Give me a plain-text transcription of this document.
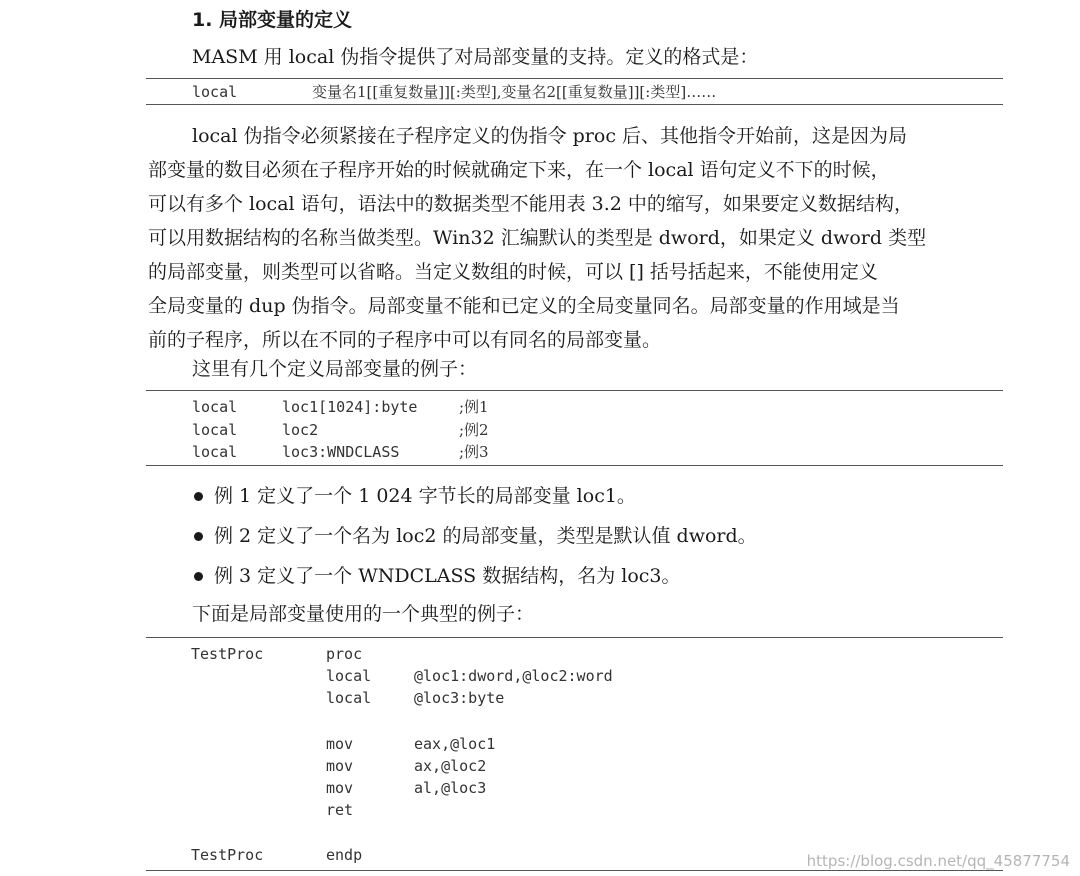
1. 局部变量的定义
MASM 用 local 伪指令提供了对局部变量的支持。定义的格式是：
local	变量名1[[重复数量]][:类型],变量名2[[重复数量]][:类型]……
local 伪指令必须紧接在子程序定义的伪指令 proc 后、其他指令开始前，这是因为局
部变量的数目必须在子程序开始的时候就确定下来，在一个 local 语句定义不下的时候，
可以有多个 local 语句，语法中的数据类型不能用表 3.2 中的缩写，如果要定义数据结构，
可以用数据结构的名称当做类型。Win32 汇编默认的类型是 dword，如果定义 dword 类型
的局部变量，则类型可以省略。当定义数组的时候，可以 [] 括号括起来，不能使用定义
全局变量的 dup 伪指令。局部变量不能和已定义的全局变量同名。局部变量的作用域是当
前的子程序，所以在不同的子程序中可以有同名的局部变量。
这里有几个定义局部变量的例子：
local	loc1[1024]:byte	;例1
local	loc2	;例2
local	loc3:WNDCLASS	;例3
例 1 定义了一个 1 024 字节长的局部变量 loc1。
例 2 定义了一个名为 loc2 的局部变量，类型是默认值 dword。
例 3 定义了一个 WNDCLASS 数据结构，名为 loc3。
下面是局部变量使用的一个典型的例子：
TestProc	proc
local	@loc1:dword,@loc2:word
local	@loc3:byte
mov	eax,@loc1
mov	ax,@loc2
mov	al,@loc3
ret
TestProc	endp	https://blog.csdn.net/qq_45877754
